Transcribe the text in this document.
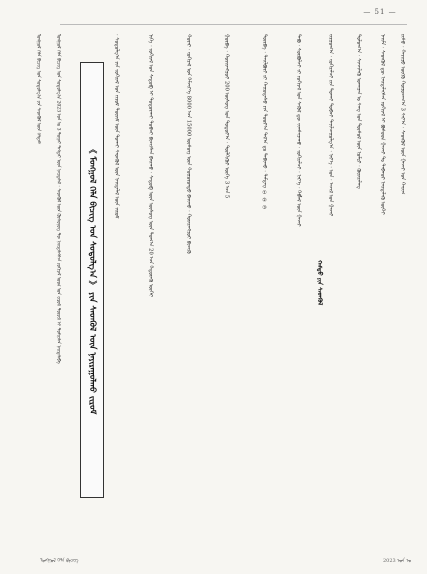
— 51 —
ᠮᠣᠩᠭᠣᠯ ᠬᠡᠯᠡ ᠪᠢᠴᠢᠭ᠌ ᠤᠨ ᠰᠤᠳᠤᠯᠭ᠎ᠠ ᠶᠢᠨ ᠰᠡᠳᠬᠦᠯ ᠦᠨ ᠬᠡᠯᠲᠡᠰ	ᠮᠣᠩᠭᠣᠯ ᠬᠡᠯᠡ ᠪᠢᠴᠢᠭ᠌ ᠤᠨ ᠰᠤᠳᠤᠯᠭ᠎ᠠ 2023 ᠣᠨ ᠤ 3 ᠳᠤᠭᠠᠷ ᠳᠡᠭᠳᠡᠷ ᠦᠨ ᠨᠡᠢᠲᠡᠯᠡᠯ · ᠰᠡᠳᠬᠦᠯ ᠦᠨ ᠬᠦᠰᠦᠨᠦᠭ ᠲᠦ ᠨᠡᠢᠲᠡᠯᠡᠭᠰᠡᠨ ᠵᠣᠬᠢᠶᠠᠯ ᠤᠳ ᠤᠨ ᠵᠢᠷᠤᠮ ᠳᠦᠷᠢᠮ ᠢ ᠲᠣᠮᠢᠶᠠᠯᠠᠨ ᠨᠡᠢᠲᠡᠯᠡᠪᠡ	《 ᠮᠣᠩᠭᠣᠯ ᠬᠡᠯᠡ ᠪᠢᠴᠢᠭ᠌ ᠤᠨ ᠰᠤᠳᠤᠯᠭ᠎ᠠ 》 ᠶᠢᠨ ᠰᠡᠳᠬᠦᠯ ᠦᠨ ᠨᠠᠶᠢᠷᠠᠭᠤᠯᠬᠤ ᠵᠢᠷᠤᠮ
· ᠰᠤᠳᠤᠯᠭ᠎ᠠ ᠶᠢᠨ ᠵᠣᠬᠢᠶᠠᠯ ᠤᠨ ᠵᠢᠷᠤᠮ ᠳᠦᠷᠢᠮ ᠦᠨ ᠲᠤᠬᠠᠢ ᠰᠡᠳᠬᠦᠯ ᠦᠨ ᠨᠡᠢᠲᠡᠯᠡᠯ ᠦᠨ ᠵᠢᠷᠤᠮ	ᠨᠢᠭᠡ · ᠵᠣᠬᠢᠶᠠᠯ ᠤᠨ ᠰᠡᠳᠦᠪ ᠢ ᠲᠣᠳᠣᠷᠬᠠᠢ ᠲᠣᠪᠴᠢ ᠪᠢᠴᠢᠭᠰᠡᠨ ᠪᠠᠢᠬᠤ · ᠰᠡᠳᠦᠪ ᠦᠨ ᠦᠰᠦᠭ ᠦᠨ ᠲᠣᠭ᠎ᠠ 20 ᠡᠴᠡ ᠬᠡᠲᠦᠷᠡᠬᠦ ᠦᠭᠡᠢ	ᠬᠣᠶᠠᠷ · ᠵᠣᠬᠢᠶᠠᠯ ᠤᠨ ᠬᠡᠮᠵᠢᠶ᠎ᠡ 8000 ᠡᠴᠡ 15000 ᠦᠰᠦᠭ ᠦᠨ ᠬᠣᠭᠣᠷᠣᠨᠳᠣ ᠪᠠᠢᠬᠤ · ᠬᠤᠷᠢᠶᠠᠩᠭᠤᠢ ᠪᠢᠴᠢᠬᠦ	ᠭᠤᠷᠪᠠ · ᠬᠤᠷᠢᠶᠠᠩᠭᠤᠢ 200 ᠦᠰᠦᠭ ᠤᠨ ᠳᠣᠲᠣᠷ᠎ᠠ · ᠲᠦᠯᠬᠢᠭᠦᠷ ᠦᠭᠡ 3 ᠡᠴᠡ 5	ᠳᠦᠷᠪᠡ · ᠲᠠᠢᠯᠪᠤᠷᠢ ᠶᠢ ᠬᠠᠭᠤᠳᠠᠰᠤ ᠶᠢᠨ ᠳᠣᠣᠷ᠎ᠠ ᠲᠠᠯ᠎ᠠ ᠳᠤ ᠲᠠᠪᠢᠬᠤ · ᠲᠡᠮᠳᠡᠭ ① ② ③	ᠲᠠᠪᠤ · ᠰᠤᠷᠪᠤᠯᠵᠢ ᠵᠢ ᠵᠣᠬᠢᠶᠠᠯ ᠤᠨ ᠰᠡᠭᠦᠯ ᠳᠦ ᠵᠢᠭᠰᠠᠭᠠᠬᠤ · ᠵᠣᠬᠢᠶᠠᠯᠴᠢ · ᠨᠡᠷ᠎ᠡ · ᠬᠡᠪᠯᠡᠯ ᠦᠨ ᠭᠠᠵᠠᠷ	ᠵᠢᠷᠭᠤᠭ᠎ᠠ · ᠵᠣᠬᠢᠶᠠᠯᠴᠢ ᠶᠢᠨ ᠲᠤᠬᠠᠢ ᠲᠣᠪᠴᠢ ᠲᠠᠨᠢᠯᠴᠠᠭᠤᠯᠭ᠎ᠠ · ᠨᠡᠷ᠎ᠡ · ᠣᠨ · ᠠᠵᠢᠯ ᠤᠨ ᠭᠠᠵᠠᠷ	ᠳᠣᠯᠣᠭ᠎ᠠ · ᠰᠢᠨᠵᠢᠯᠡᠬᠦ ᠤᠬᠠᠭᠠᠨ ᠤ ᠰᠠᠩ ᠤᠨ ᠲᠥᠰᠦᠯ ᠦᠨ ᠨᠣᠮᠸᠷ · ᠬᠦᠷᠢᠶᠡᠯᠡᠩ	ᠨᠠᠢᠮᠠ · ᠰᠡᠳᠬᠦᠯ ᠳᠦ ᠨᠡᠢᠲᠡᠯᠡᠭᠰᠡᠨ ᠵᠣᠬᠢᠶᠠᠯ ᠢ ᠪᠤᠰᠤᠳ ᠭᠠᠵᠠᠷ ᠲᠤ ᠳᠠᠪᠬᠤᠷ ᠨᠡᠢᠲᠡᠯᠡᠬᠦ ᠦᠭᠡᠢ	ᠶᠢᠰᠦ · ᠬᠠᠷᠢᠭᠤ ᠦᠭᠬᠦ ᠬᠤᠭᠤᠴᠠᠭ᠎ᠠ 3 ᠰᠠᠷ᠎ᠠ · ᠰᠡᠳᠬᠦᠯ ᠦᠨ ᠭᠠᠵᠠᠷ ᠤᠨ ᠬᠠᠶᠢᠭ
ᠬᠠᠮᠲᠤ ᠶᠢᠨ ᠰᠡᠳᠬᠦᠯ
ᠮᠣᠩᠭᠣᠯ ᠬᠡᠯᠡ ᠪᠢᠴᠢᠭ᠌	2023 ᠣᠨ ᠤ
